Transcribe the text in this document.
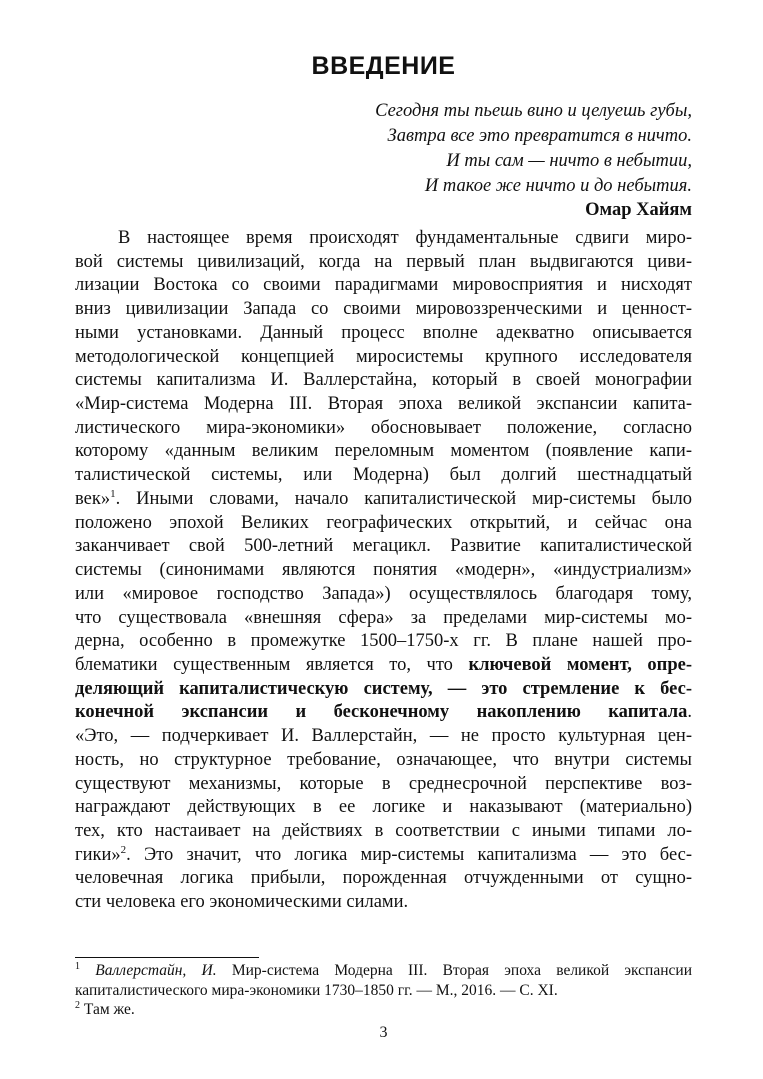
ВВЕДЕНИЕ
Сегодня ты пьешь вино и целуешь губы,
Завтра все это превратится в ничто.
И ты сам — ничто в небытии,
И такое же ничто и до небытия.
Омар Хайям
В настоящее время происходят фундаментальные сдвиги миро-
вой системы цивилизаций, когда на первый план выдвигаются циви-
лизации Востока со своими парадигмами мировосприятия и нисходят
вниз цивилизации Запада со своими мировоззренческими и ценност-
ными установками. Данный процесс вполне адекватно описывается
методологической концепцией миросистемы крупного исследователя
системы капитализма И. Валлерстайна, который в своей монографии
«Мир-система Модерна III. Вторая эпоха великой экспансии капита-
листического мира-экономики» обосновывает положение, согласно
которому «данным великим переломным моментом (появление капи-
талистической системы, или Модерна) был долгий шестнадцатый
век»$^1$. Иными словами, начало капиталистической мир-системы было
положено эпохой Великих географических открытий, и сейчас она
заканчивает свой 500-летний мегацикл. Развитие капиталистической
системы (синонимами являются понятия «модерн», «индустриализм»
или «мировое господство Запада») осуществлялось благодаря тому,
что существовала «внешняя сфера» за пределами мир-системы мо-
дерна, особенно в промежутке 1500–1750-х гг. В плане нашей про-
блематики существенным является то, что ключевой момент, опре-
деляющий капиталистическую систему, — это стремление к бес-
конечной экспансии и бесконечному накоплению капитала.
«Это, — подчеркивает И. Валлерстайн, — не просто культурная цен-
ность, но структурное требование, означающее, что внутри системы
существуют механизмы, которые в среднесрочной перспективе воз-
награждают действующих в ее логике и наказывают (материально)
тех, кто настаивает на действиях в соответствии с иными типами ло-
гики»$^2$. Это значит, что логика мир-системы капитализма — это бес-
человечная логика прибыли, порожденная отчужденными от сущно-
сти человека его экономическими силами.
$^1$ Валлерстайн, И. Мир-система Модерна III. Вторая эпоха великой экспансии
капиталистического мира-экономики 1730–1850 гг. — М., 2016. — С. XI.
$^2$ Там же.
3
